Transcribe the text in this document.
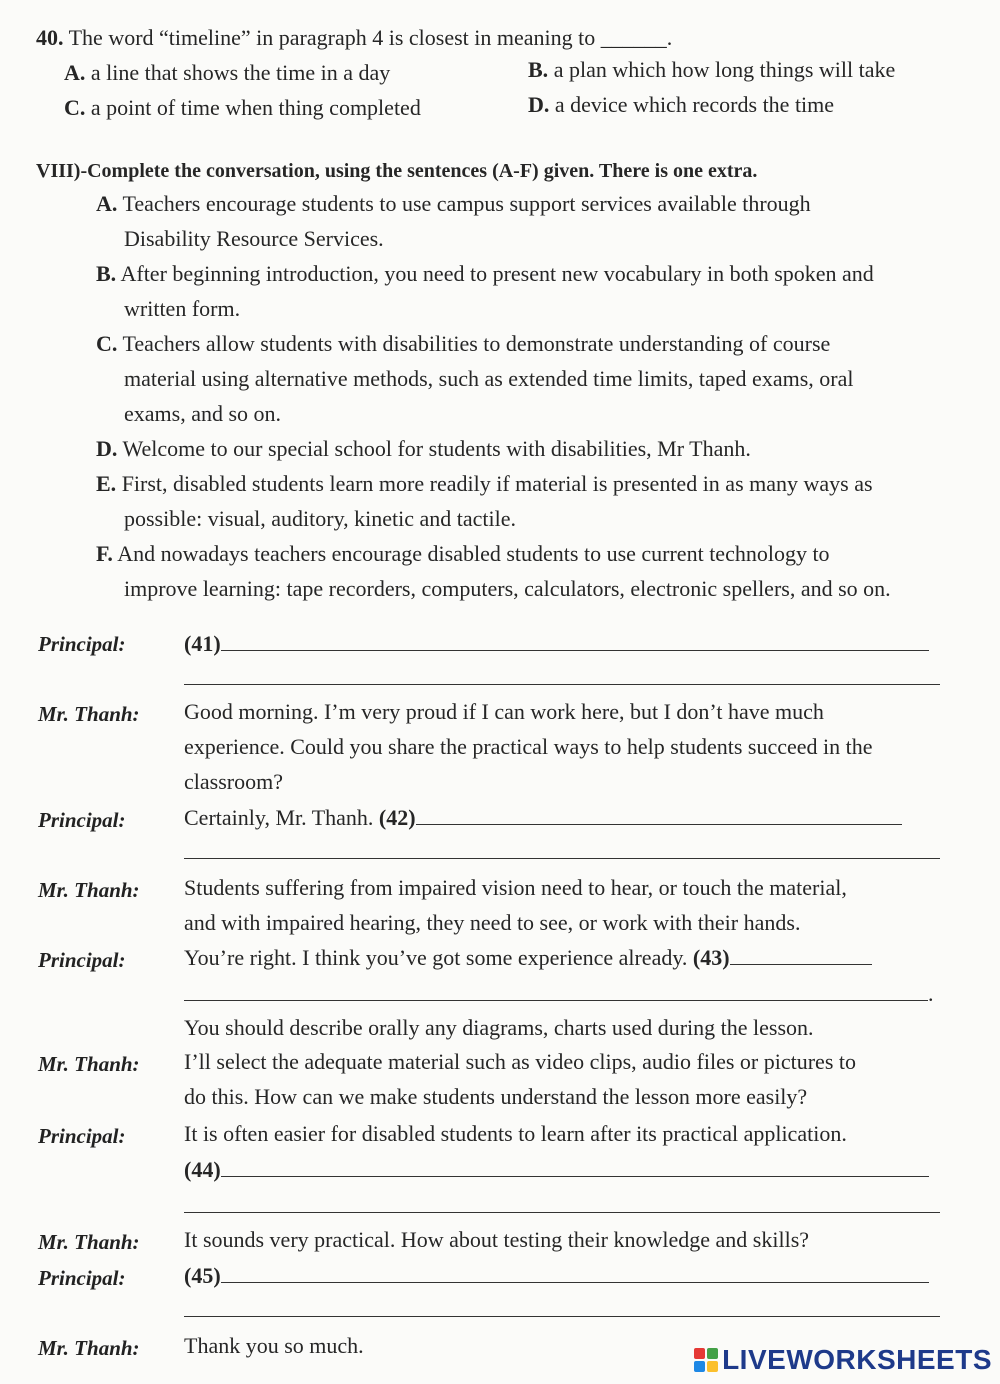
40. The word “timeline” in paragraph 4 is closest in meaning to ______.
A. a line that shows the time in a day	B. a plan which how long things will take
C. a point of time when thing completed	D. a device which records the time
VIII)-Complete the conversation, using the sentences (A-F) given. There is one extra.
A. Teachers encourage students to use campus support services available through
Disability Resource Services.
B. After beginning introduction, you need to present new vocabulary in both spoken and
written form.
C. Teachers allow students with disabilities to demonstrate understanding of course
material using alternative methods, such as extended time limits, taped exams, oral
exams, and so on.
D. Welcome to our special school for students with disabilities, Mr Thanh.
E. First, disabled students learn more readily if material is presented in as many ways as
possible: visual, auditory, kinetic and tactile.
F. And nowadays teachers encourage disabled students to use current technology to
improve learning: tape recorders, computers, calculators, electronic spellers, and so on.
Principal:	(41)
Mr. Thanh: Good morning. I’m very proud if I can work here, but I don’t have much
experience. Could you share the practical ways to help students succeed in the
classroom?
Principal:	Certainly, Mr. Thanh. (42)
Mr. Thanh: Students suffering from impaired vision need to hear, or touch the material,
and with impaired hearing, they need to see, or work with their hands.
Principal:	You’re right. I think you’ve got some experience already. (43)
.
You should describe orally any diagrams, charts used during the lesson.
Mr. Thanh: I’ll select the adequate material such as video clips, audio files or pictures to
do this. How can we make students understand the lesson more easily?
Principal:	It is often easier for disabled students to learn after its practical application.
(44)
Mr. Thanh: It sounds very practical. How about testing their knowledge and skills?
Principal:	(45)
Mr. Thanh: Thank you so much.	LIVEWORKSHEETS
